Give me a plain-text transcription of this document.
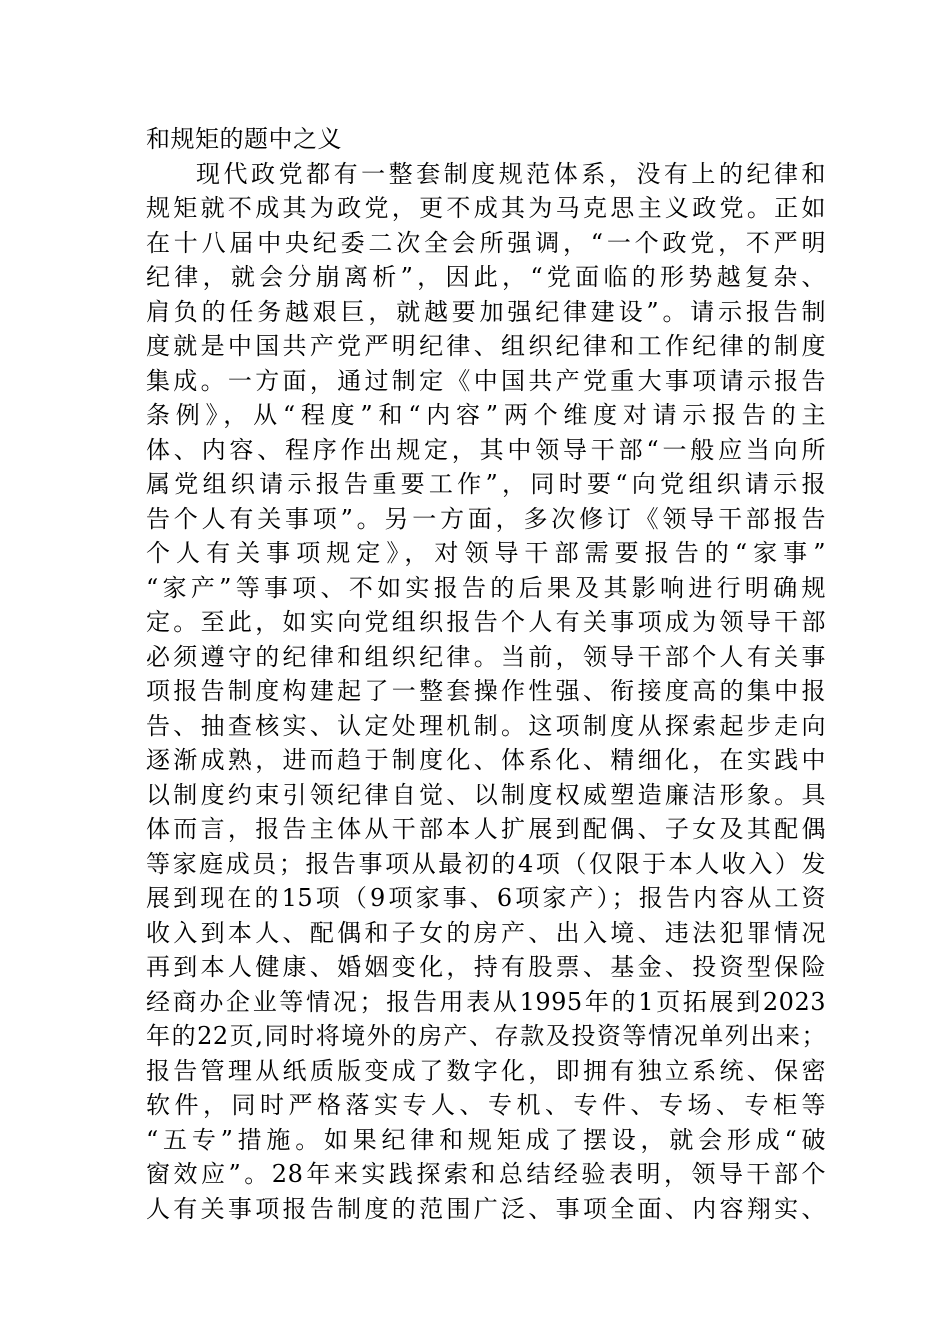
和规矩的题中之义
现代政党都有一整套制度规范体系，没有上的纪律和
规矩就不成其为政党，更不成其为马克思主义政党。正如
在十八届中央纪委二次全会所强调，“一个政党，不严明
纪律，就会分崩离析”，因此，“党面临的形势越复杂、
肩负的任务越艰巨，就越要加强纪律建设”。请示报告制
度就是中国共产党严明纪律、组织纪律和工作纪律的制度
集成。一方面，通过制定《中国共产党重大事项请示报告
条例》，从“程度”和“内容”两个维度对请示报告的主
体、内容、程序作出规定，其中领导干部“一般应当向所
属党组织请示报告重要工作”，同时要“向党组织请示报
告个人有关事项”。另一方面，多次修订《领导干部报告
个人有关事项规定》，对领导干部需要报告的“家事”
“家产”等事项、不如实报告的后果及其影响进行明确规
定。至此，如实向党组织报告个人有关事项成为领导干部
必须遵守的纪律和组织纪律。当前，领导干部个人有关事
项报告制度构建起了一整套操作性强、衔接度高的集中报
告、抽查核实、认定处理机制。这项制度从探索起步走向
逐渐成熟，进而趋于制度化、体系化、精细化，在实践中
以制度约束引领纪律自觉、以制度权威塑造廉洁形象。具
体而言，报告主体从干部本人扩展到配偶、子女及其配偶
等家庭成员；报告事项从最初的4项（仅限于本人收入）发
展到现在的15项（9项家事、6项家产）；报告内容从工资
收入到本人、配偶和子女的房产、出入境、违法犯罪情况
再到本人健康、婚姻变化，持有股票、基金、投资型保险
经商办企业等情况；报告用表从1995年的1页拓展到2023
年的22页,同时将境外的房产、存款及投资等情况单列出来；
报告管理从纸质版变成了数字化，即拥有独立系统、保密
软件，同时严格落实专人、专机、专件、专场、专柜等
“五专”措施。如果纪律和规矩成了摆设，就会形成“破
窗效应”。28年来实践探索和总结经验表明，领导干部个
人有关事项报告制度的范围广泛、事项全面、内容翔实、
